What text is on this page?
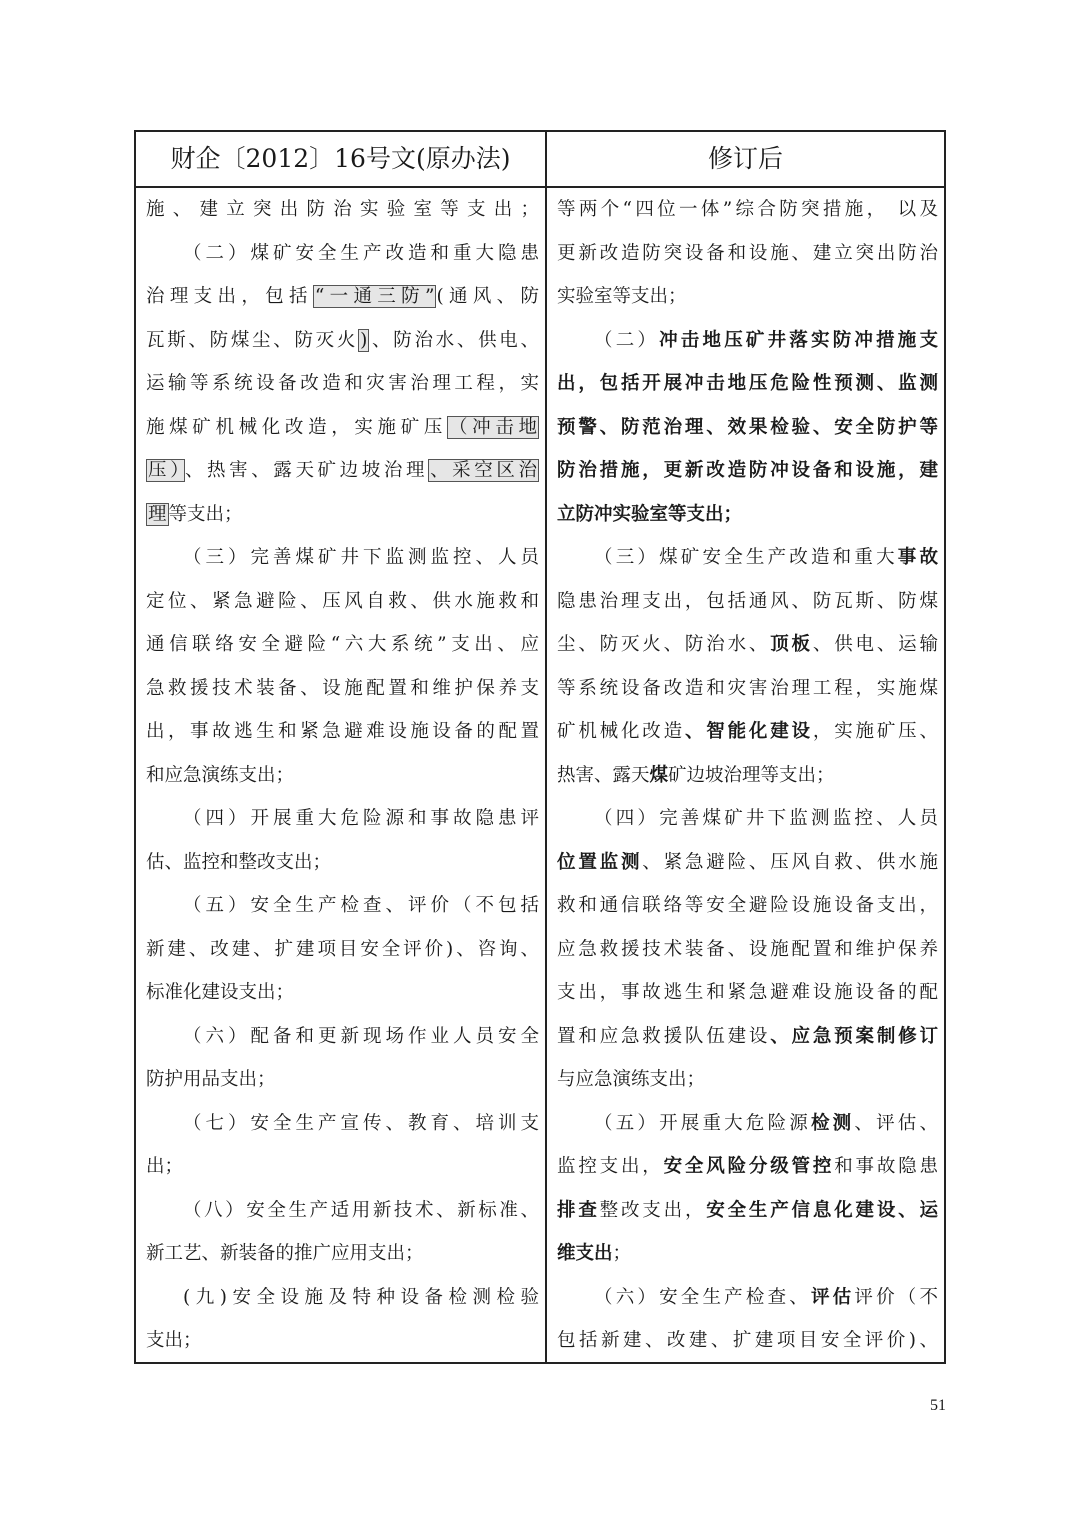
财企〔2012〕16号文(原办法)	修订后
施、建立突出防治实验室等支出；
（二）煤矿安全生产改造和重大隐患
治理支出，包括 “一通三防” (通风、防
瓦斯、防煤尘、防灭火 ) 、防治水、供电、
运输等系统设备改造和灾害治理工程，实
施煤矿机械化改造，实施矿压 （冲击地
压） 、热害、露天矿边坡治理 、采空区治
理 等支出；
（三）完善煤矿井下监测监控、人员
定位、紧急避险、压风自救、供水施救和
通信联络安全避险“六大系统”支出、应
急救援技术装备、设施配置和维护保养支
出，事故逃生和紧急避难设施设备的配置
和应急演练支出；
（四）开展重大危险源和事故隐患评
估、监控和整改支出；
（五）安全生产检查、评价（不包括
新建、改建、扩建项目安全评价)、咨询、
标准化建设支出；
（六）配备和更新现场作业人员安全
防护用品支出；
（七）安全生产宣传、教育、培训支
出；
（八）安全生产适用新技术、新标准、
新工艺、新装备的推广应用支出；
(九)安全设施及特种设备检测检验
支出；
等两个“四位一体”综合防突措施， 以及
更新改造防突设备和设施、建立突出防治
实验室等支出；
（二）冲击地压矿井落实防冲措施支
出，包括开展冲击地压危险性预测、监测
预警、防范治理、效果检验、安全防护等
防治措施，更新改造防冲设备和设施，建
立防冲实验室等支出；
（三）煤矿安全生产改造和重大事故
隐患治理支出，包括通风、防瓦斯、防煤
尘、防灭火、防治水、顶板、供电、运输
等系统设备改造和灾害治理工程，实施煤
矿机械化改造、智能化建设，实施矿压、
热害、露天煤矿边坡治理等支出；
（四）完善煤矿井下监测监控、人员
位置监测、紧急避险、压风自救、供水施
救和通信联络等安全避险设施设备支出，
应急救援技术装备、设施配置和维护保养
支出，事故逃生和紧急避难设施设备的配
置和应急救援队伍建设、应急预案制修订
与应急演练支出；
（五）开展重大危险源检测、评估、
监控支出，安全风险分级管控和事故隐患
排查整改支出，安全生产信息化建设、运
维支出；
（六）安全生产检查、评估评价（不
包括新建、改建、扩建项目安全评价)、
51
